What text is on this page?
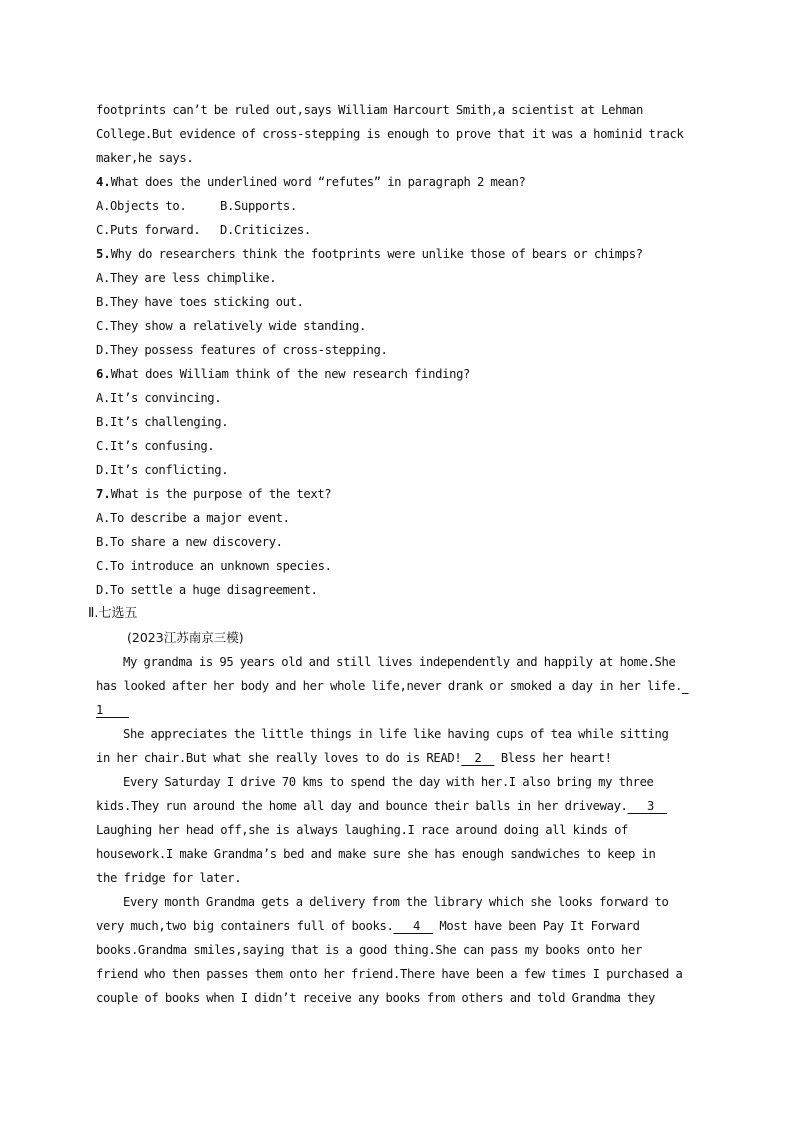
footprints can’t be ruled out,says William Harcourt Smith,a scientist at Lehman
College.But evidence of cross-stepping is enough to prove that it was a hominid track
maker,he says.
4.What does the underlined word “refutes” in paragraph 2 mean?
A.Objects to.	B.Supports.
C.Puts forward. D.Criticizes.
5.Why do researchers think the footprints were unlike those of bears or chimps?
A.They are less chimplike.
B.They have toes sticking out.
C.They show a relatively wide standing.
D.They possess features of cross-stepping.
6.What does William think of the new research finding?
A.It’s convincing.
B.It’s challenging.
C.It’s confusing.
D.It’s conflicting.
7.What is the purpose of the text?
A.To describe a major event.
B.To share a new discovery.
C.To introduce an unknown species.
D.To settle a huge disagreement.
Ⅱ.七选五
(2023江苏南京三模)
My grandma is 95 years old and still lives independently and happily at home.She
has looked after her body and her whole life,never drank or smoked a day in her life.
1
She appreciates the little things in life like having cups of tea while sitting
in her chair.But what she really loves to do is READ! 2 Bless her heart!
Every Saturday I drive 70 kms to spend the day with her.I also bring my three
kids.They run around the home all day and bounce their balls in her driveway. 3
Laughing her head off,she is always laughing.I race around doing all kinds of
housework.I make Grandma’s bed and make sure she has enough sandwiches to keep in
the fridge for later.
Every month Grandma gets a delivery from the library which she looks forward to
very much,two big containers full of books. 4 Most have been Pay It Forward
books.Grandma smiles,saying that is a good thing.She can pass my books onto her
friend who then passes them onto her friend.There have been a few times I purchased a
couple of books when I didn’t receive any books from others and told Grandma they
